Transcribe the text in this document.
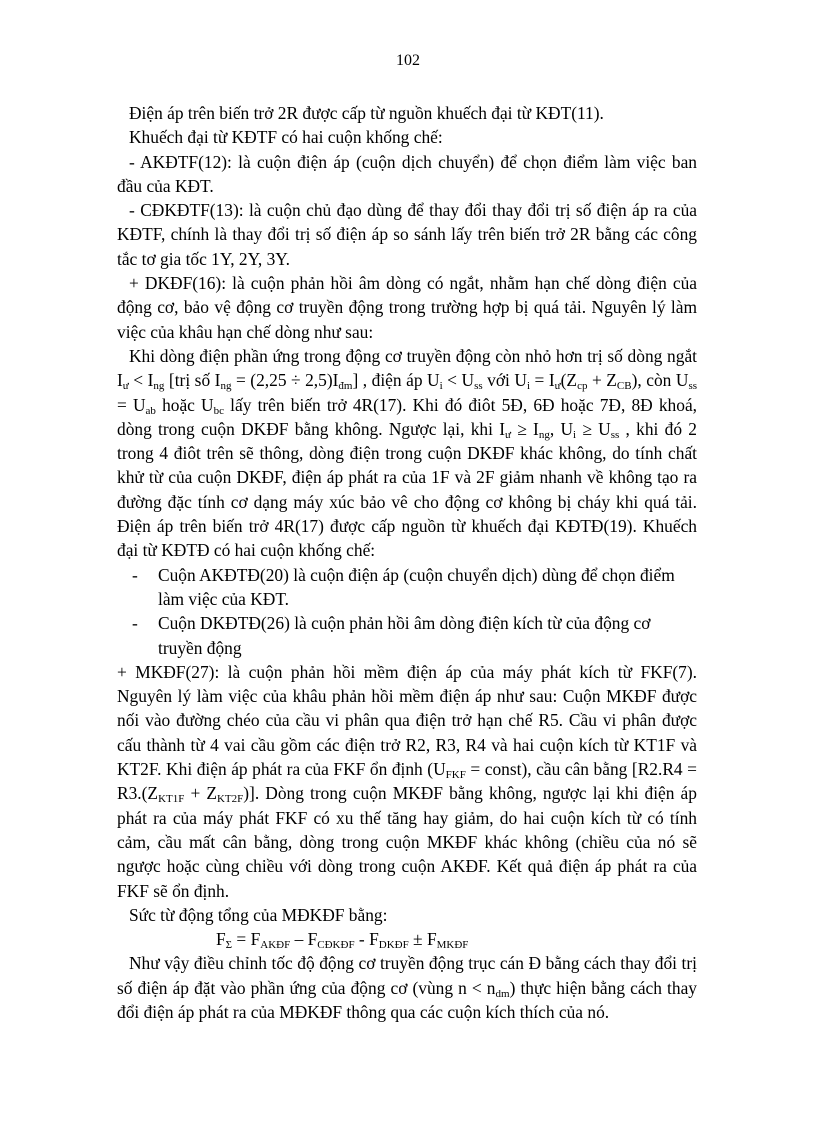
102

Điện áp trên biến trở 2R được cấp từ nguồn khuếch đại từ KĐT(11).

Khuếch đại từ KĐTF có hai cuộn khống chế:

- AKĐTF(12): là cuộn điện áp (cuộn dịch chuyển) để chọn điểm làm việc ban đầu của KĐT.

- CĐKĐTF(13): là cuộn chủ đạo dùng để thay đổi thay đổi trị số điện áp ra của KĐTF, chính là thay đổi trị số điện áp so sánh lấy trên biến trở 2R bằng các công tắc tơ gia tốc 1Y, 2Y, 3Y.

+ DKĐF(16): là cuộn phản hồi âm dòng có ngắt, nhằm hạn chế dòng điện của động cơ, bảo vệ động cơ truyền động trong trường hợp bị quá tải. Nguyên lý làm việc của khâu hạn chế dòng như sau:

Khi dòng điện phần ứng trong động cơ truyền động còn nhỏ hơn trị số dòng ngắt $I_ư < I_{ng}$ [trị số $I_{ng} = (2,25 \div 2,5)I_{đm}$] , điện áp $U_i < U_{ss}$ với $U_i = I_ư(Z_{cp} + Z_{CB})$, còn $U_{ss} = U_{ab}$ hoặc $U_{bc}$ lấy trên biến trở 4R(17). Khi đó điôt 5Đ, 6Đ hoặc 7Đ, 8Đ khoá, dòng trong cuộn DKĐF bằng không. Ngược lại, khi $I_ư \ge I_{ng}$, $U_i \ge U_{ss}$ , khi đó 2 trong 4 điôt trên sẽ thông, dòng điện trong cuộn DKĐF khác không, do tính chất khử từ của cuộn DKĐF, điện áp phát ra của 1F và 2F giảm nhanh về không tạo ra đường đặc tính cơ dạng máy xúc bảo vê cho động cơ không bị cháy khi quá tải. Điện áp trên biến trở 4R(17) được cấp nguồn từ khuếch đại KĐTĐ(19). Khuếch đại từ KĐTĐ có hai cuộn khống chế:

- Cuộn AKĐTĐ(20) là cuộn điện áp (cuộn chuyển dịch) dùng để chọn điểm làm việc của KĐT.

- Cuộn DKĐTĐ(26) là cuộn phản hồi âm dòng điện kích từ của động cơ truyền động

+ MKĐF(27): là cuộn phản hồi mềm điện áp của máy phát kích từ FKF(7). Nguyên lý làm việc của khâu phản hồi mềm điện áp như sau: Cuộn MKĐF được nối vào đường chéo của cầu vi phân qua điện trở hạn chế R5. Cầu vi phân được cấu thành từ 4 vai cầu gồm các điện trở R2, R3, R4 và hai cuộn kích từ KT1F và KT2F. Khi điện áp phát ra của FKF ổn định ($U_{FKF}$ = const), cầu cân bằng $[R2.R4 = R3.(Z_{KT1F} + Z_{KT2F})]$. Dòng trong cuộn MKĐF bằng không, ngược lại khi điện áp phát ra của máy phát FKF có xu thế tăng hay giảm, do hai cuộn kích từ có tính cảm, cầu mất cân bằng, dòng trong cuộn MKĐF khác không (chiều của nó sẽ ngược hoặc cùng chiều với dòng trong cuộn AKĐF. Kết quả điện áp phát ra của FKF sẽ ổn định.

Sức từ động tổng của MĐKĐF bằng:

$F_\Sigma = F_{AKĐF} - F_{CĐKĐF} - F_{DKĐF} \pm F_{MKĐF}$

Như vậy điều chỉnh tốc độ động cơ truyền động trục cán Đ bằng cách thay đổi trị số điện áp đặt vào phần ứng của động cơ (vùng $n < n_{dm}$) thực hiện bằng cách thay đổi điện áp phát ra của MĐKĐF thông qua các cuộn kích thích của nó.
